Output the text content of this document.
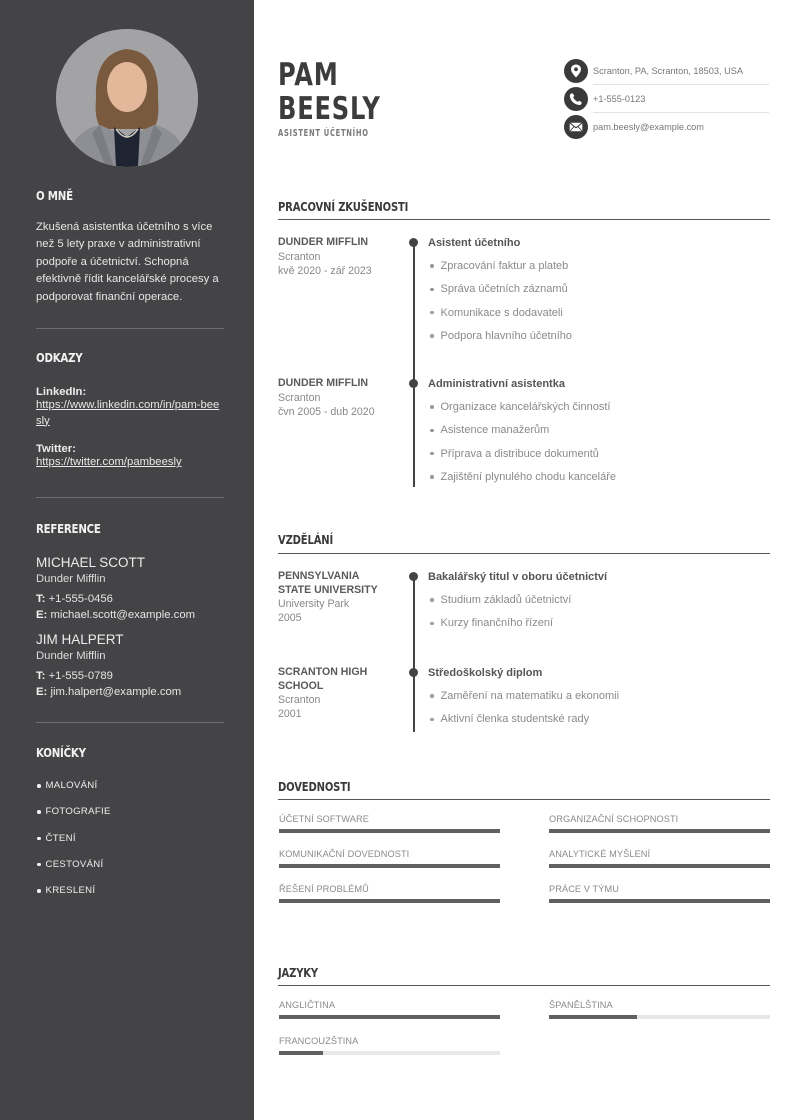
O MNĚ
Zkušená asistentka účetního s více než 5 lety praxe v administrativní podpoře a účetnictví. Schopná efektivně řídit kancelářské procesy a podporovat finanční operace.
ODKAZY
LinkedIn:
https://www.linkedin.com/in/pam-beesly
Twitter:
https://twitter.com/pambeesly
REFERENCE
MICHAEL SCOTT
Dunder Mifflin
T: +1-555-0456
E: michael.scott@example.com
JIM HALPERT
Dunder Mifflin
T: +1-555-0789
E: jim.halpert@example.com
KONÍČKY
MALOVÁNÍ
FOTOGRAFIE
ČTENÍ
CESTOVÁNÍ
KRESLENÍ
PAM
BEESLY
ASISTENT ÚČETNÍHO
Scranton, PA, Scranton, 18503, USA
+1-555-0123
pam.beesly@example.com
PRACOVNÍ ZKUŠENOSTI
DUNDER MIFFLIN
Scranton
kvě 2020 - zář 2023
Asistent účetního
Zpracování faktur a plateb
Správa účetních záznamů
Komunikace s dodavateli
Podpora hlavního účetního
DUNDER MIFFLIN
Scranton
čvn 2005 - dub 2020
Administrativní asistentka
Organizace kancelářských činností
Asistence manažerům
Příprava a distribuce dokumentů
Zajištění plynulého chodu kanceláře
VZDĚLÁNÍ
PENNSYLVANIA
STATE UNIVERSITY
University Park
2005
Bakalářský titul v oboru účetnictví
Studium základů účetnictví
Kurzy finančního řízení
SCRANTON HIGH
SCHOOL
Scranton
2001
Středoškolský diplom
Zaměření na matematiku a ekonomii
Aktivní členka studentské rady
DOVEDNOSTI
ÚČETNÍ SOFTWARE	ORGANIZAČNÍ SCHOPNOSTI
KOMUNIKAČNÍ DOVEDNOSTI	ANALYTICKÉ MYŠLENÍ
ŘEŠENÍ PROBLÉMŮ	PRÁCE V TÝMU
JAZYKY
ANGLIČTINA	ŠPANĚLŠTINA
FRANCOUZŠTINA
